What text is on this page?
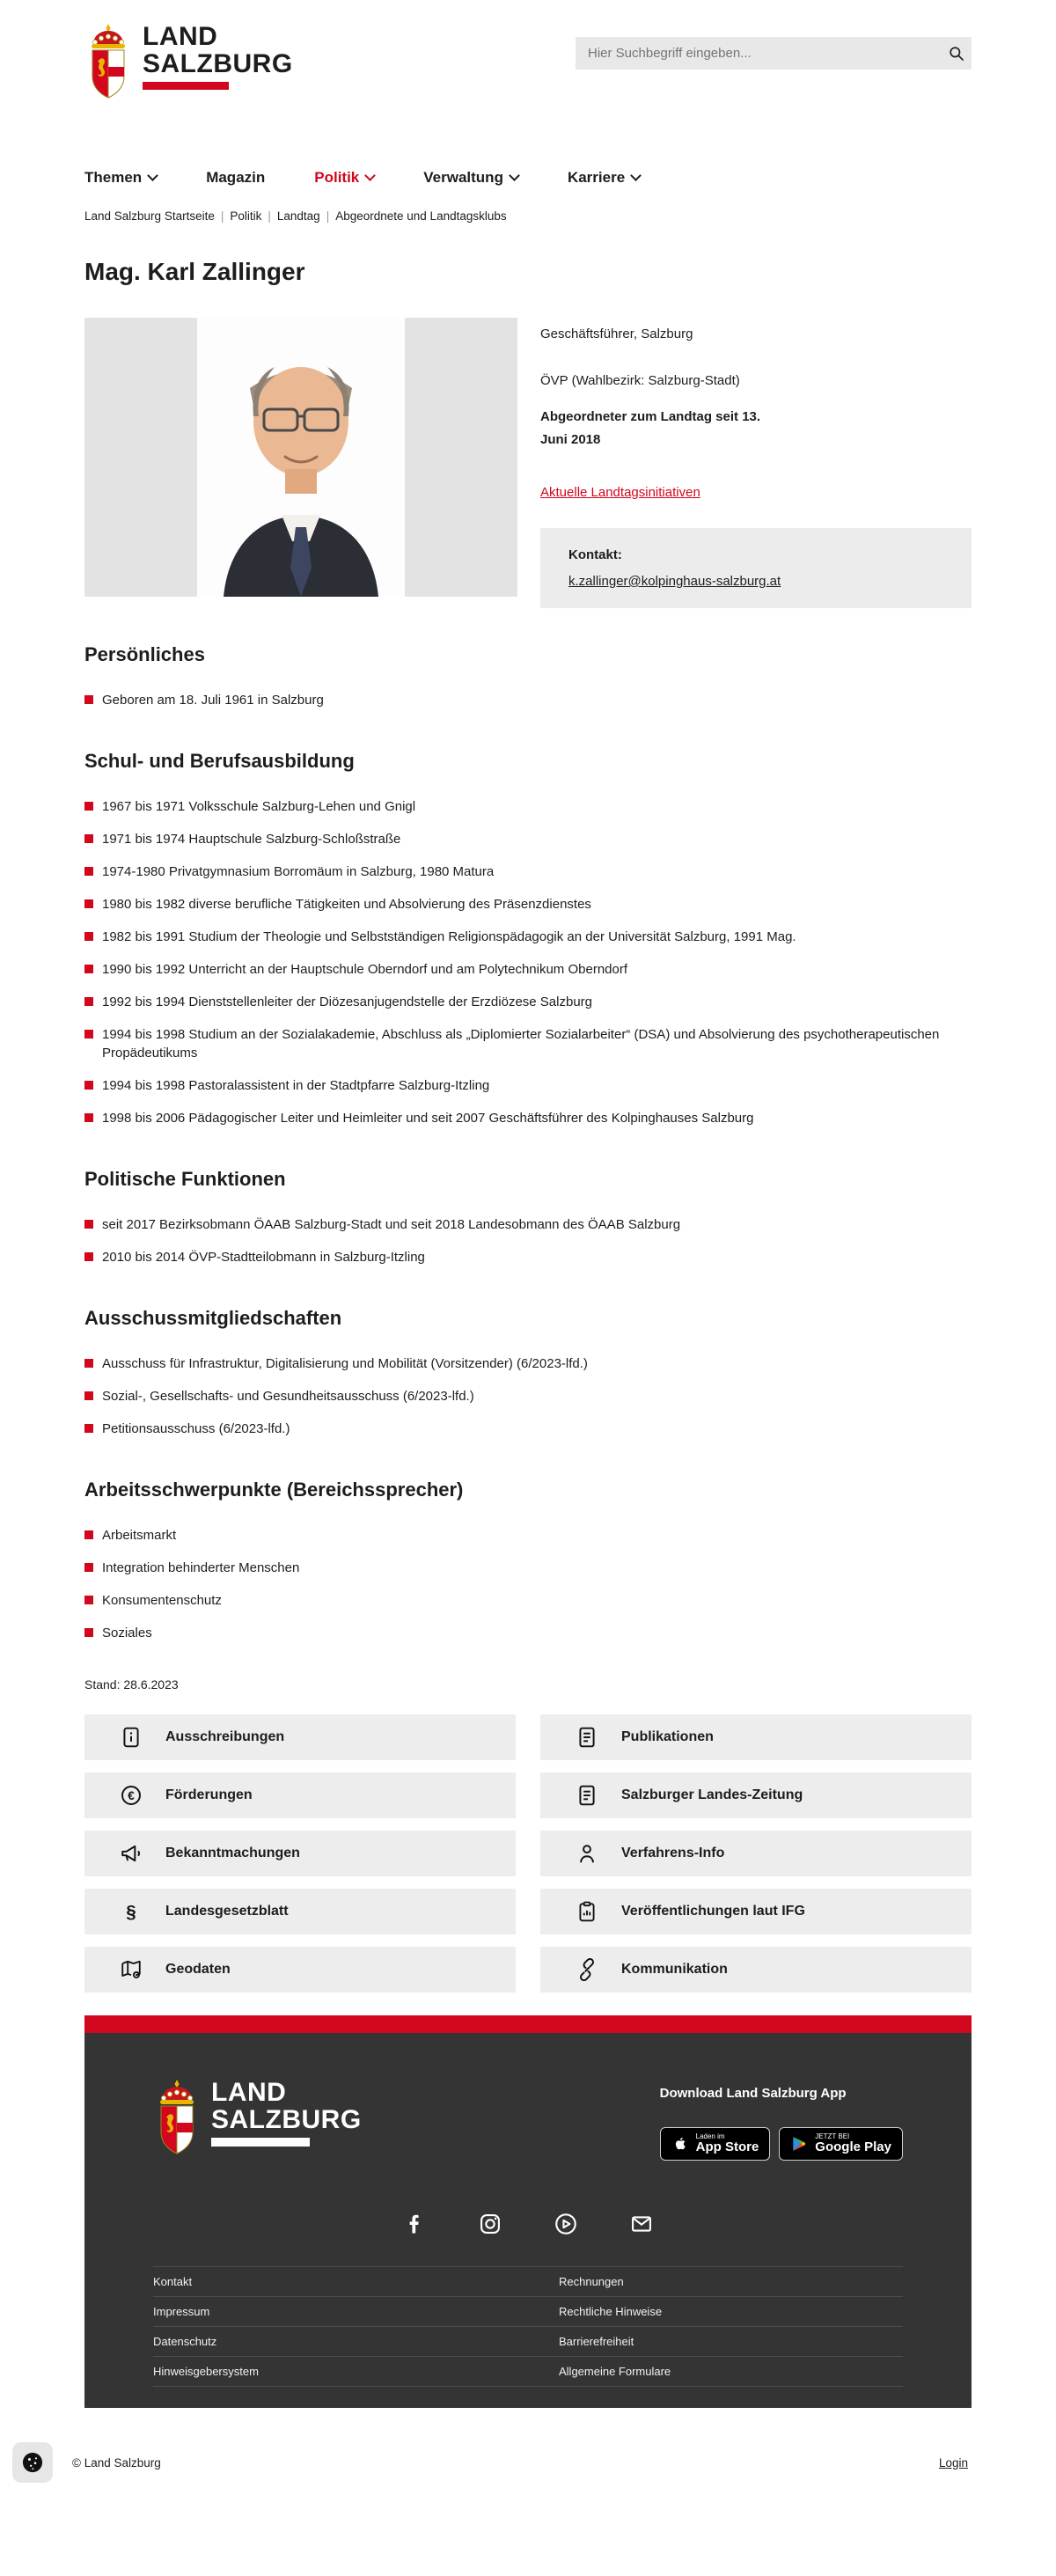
LAND
SALZBURG
Hier Suchbegriff eingeben...
Themen	Magazin	Politik	Verwaltung	Karriere
Land Salzburg Startseite | Politik | Landtag | Abgeordnete und Landtagsklubs
Mag. Karl Zallinger

Geschäftsführer, Salzburg

ÖVP (Wahlbezirk: Salzburg-Stadt)

Abgeordneter zum Landtag seit 13. Juni 2018

Aktuelle Landtagsinitiativen
Kontakt:
k.zallinger@kolpinghaus-salzburg.at
Persönliches
Geboren am 18. Juli 1961 in Salzburg
Schul- und Berufsausbildung
1967 bis 1971 Volksschule Salzburg-Lehen und Gnigl
1971 bis 1974 Hauptschule Salzburg-Schloßstraße
1974-1980 Privatgymnasium Borromäum in Salzburg, 1980 Matura
1980 bis 1982 diverse berufliche Tätigkeiten und Absolvierung des Präsenzdienstes
1982 bis 1991 Studium der Theologie und Selbstständigen Religionspädagogik an der Universität Salzburg, 1991 Mag.
1990 bis 1992 Unterricht an der Hauptschule Oberndorf und am Polytechnikum Oberndorf
1992 bis 1994 Dienststellenleiter der Diözesanjugendstelle der Erzdiözese Salzburg
1994 bis 1998 Studium an der Sozialakademie, Abschluss als „Diplomierter Sozialarbeiter“ (DSA) und Absolvierung des psychotherapeutischen Propädeutikums
1994 bis 1998 Pastoralassistent in der Stadtpfarre Salzburg-Itzling
1998 bis 2006 Pädagogischer Leiter und Heimleiter und seit 2007 Geschäftsführer des Kolpinghauses Salzburg
Politische Funktionen
seit 2017 Bezirksobmann ÖAAB Salzburg-Stadt und seit 2018 Landesobmann des ÖAAB Salzburg
2010 bis 2014 ÖVP-Stadtteilobmann in Salzburg-Itzling
Ausschussmitgliedschaften
Ausschuss für Infrastruktur, Digitalisierung und Mobilität (Vorsitzender) (6/2023-lfd.)
Sozial-, Gesellschafts- und Gesundheitsausschuss (6/2023-lfd.)
Petitionsausschuss (6/2023-lfd.)
Arbeitsschwerpunkte (Bereichssprecher)
Arbeitsmarkt
Integration behinderter Menschen
Konsumentenschutz
Soziales

Stand: 28.6.2023

Ausschreibungen	Publikationen
€ Förderungen	Salzburger Landes-Zeitung
Bekanntmachungen	Verfahrens-Info
§ Landesgesetzblatt	Veröffentlichungen laut IFG
Geodaten	Kommunikation
LAND
SALZBURG
Download Land Salzburg App
Laden im
App Store
JETZT BEI
Google Play
Kontakt	Rechnungen
Impressum	Rechtliche Hinweise
Datenschutz	Barrierefreiheit
Hinweisgebersystem	Allgemeine Formulare
© Land Salzburg	Login
